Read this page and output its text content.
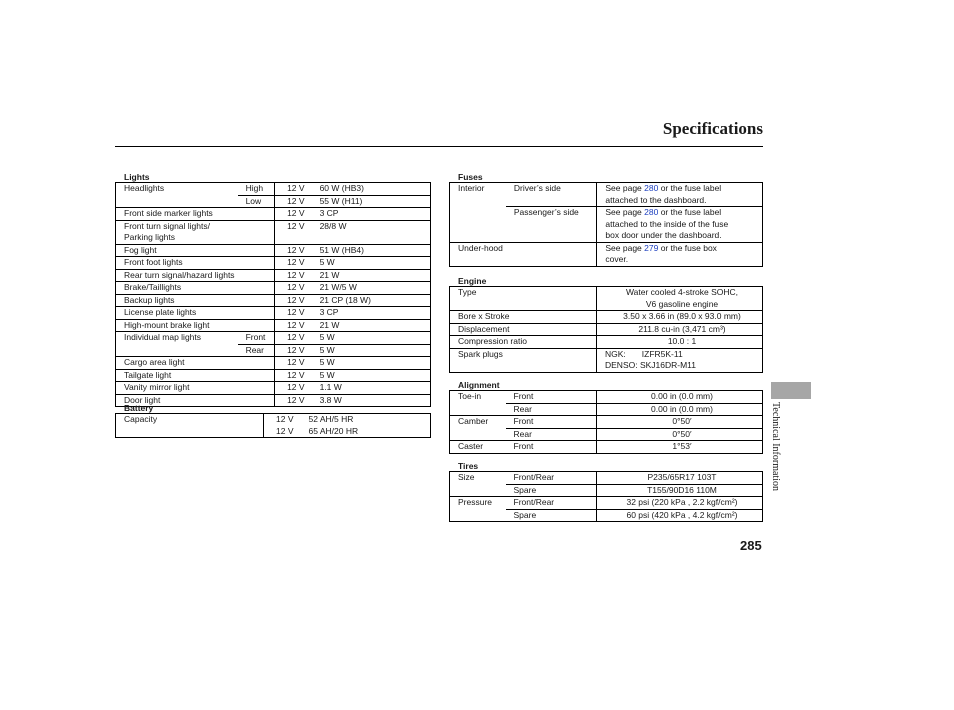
Specifications
Lights
Headlights	High	12 V	60 W (HB3)
	Low	12 V	55 W (H11)
Front side marker lights		12 V	3 CP
Front turn signal lights/		12 V	28/8 W
Parking lights			
Fog light		12 V	51 W (HB4)
Front foot lights		12 V	5 W
Rear turn signal/hazard lights		12 V	21 W
Brake/Taillights		12 V	21 W/5 W
Backup lights		12 V	21 CP (18 W)
License plate lights		12 V	3 CP
High-mount brake light		12 V	21 W
Individual map lights	Front	12 V	5 W
	Rear	12 V	5 W
Cargo area light		12 V	5 W
Tailgate light		12 V	5 W
Vanity mirror light		12 V	1.1 W
Door light		12 V	3.8 W
Battery
Capacity	12 V	52 AH/5 HR
	12 V	65 AH/20 HR
Fuses
Interior	Driver’s side	See page 280 or the fuse label
attached to the dashboard.
	Passenger’s side	See page 280 or the fuse label
attached to the inside of the fuse
box door under the dashboard.
Under-hood		See page 279 or the fuse box
cover.
Engine
Type	Water cooled 4-stroke SOHC,
V6 gasoline engine
Bore x Stroke	3.50 x 3.66 in (89.0 x 93.0 mm)
Displacement	211.8 cu-in (3,471 cm³)
Compression ratio	10.0 : 1
Spark plugs	NGK: IZFR5K-11
DENSO: SKJ16DR-M11
Alignment
Toe-in	Front	0.00 in (0.0 mm)
	Rear	0.00 in (0.0 mm)
Camber	Front	0°50′
	Rear	0°50′
Caster	Front	1°53′
Tires
Size	Front/Rear	P235/65R17 103T
	Spare	T155/90D16 110M
Pressure	Front/Rear	32 psi (220 kPa , 2.2 kgf/cm²)
	Spare	60 psi (420 kPa , 4.2 kgf/cm²)
Technical Information
285
